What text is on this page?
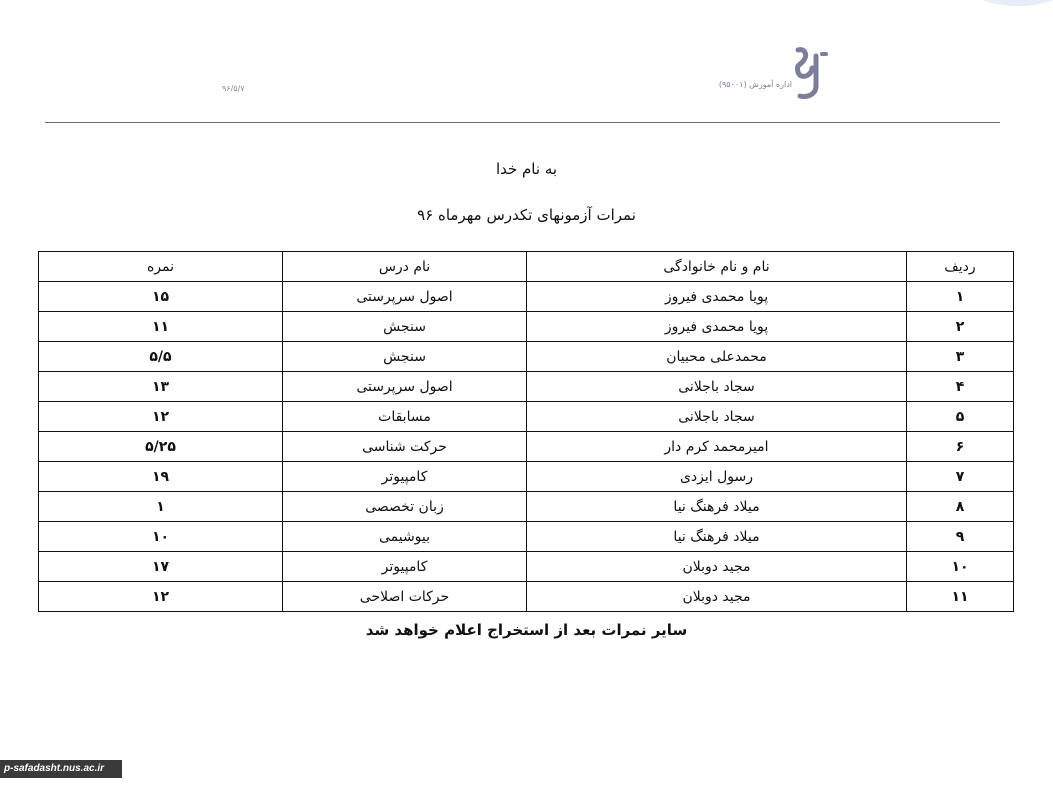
اداره آموزش (۹۵۰۰۱)
۹۶/۵/۷
به نام خدا
نمرات آزمونهای تکدرس مهرماه ۹۶
ردیف	نام و نام خانوادگی	نام درس	نمره
۱	پویا محمدی فیروز	اصول سرپرستی	۱۵
۲	پویا محمدی فیروز	سنجش	۱۱
۳	محمدعلی محبیان	سنجش	۵/۵
۴	سجاد باجلانی	اصول سرپرستی	۱۳
۵	سجاد باجلانی	مسابقات	۱۲
۶	امیرمحمد کرم دار	حرکت شناسی	۵/۲۵
۷	رسول ایزدی	کامپیوتر	۱۹
۸	میلاد فرهنگ نیا	زبان تخصصی	۱
۹	میلاد فرهنگ نیا	بیوشیمی	۱۰
۱۰	مجید دوبلان	کامپیوتر	۱۷
۱۱	مجید دوبلان	حرکات اصلاحی	۱۲
سایر نمرات بعد از استخراج اعلام خواهد شد
p-safadasht.nus.ac.ir
